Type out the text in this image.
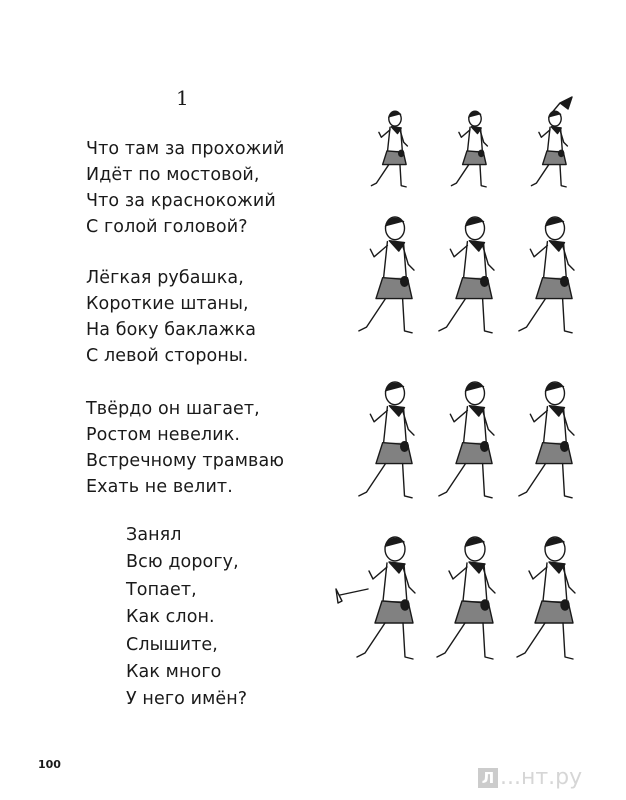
1
Что там за прохожий
Идёт по мостовой,
Что за краснокожий
С голой головой?
Лёгкая рубашка,
Короткие штаны,
На боку баклажка
С левой стороны.
Твёрдо он шагает,
Ростом невелик.
Встречному трамваю
Ехать не велит.
Занял
Всю дорогу,
Топает,
Как слон.
Слышите,
Как много
У него имён?
100
Л ...нт.ру
